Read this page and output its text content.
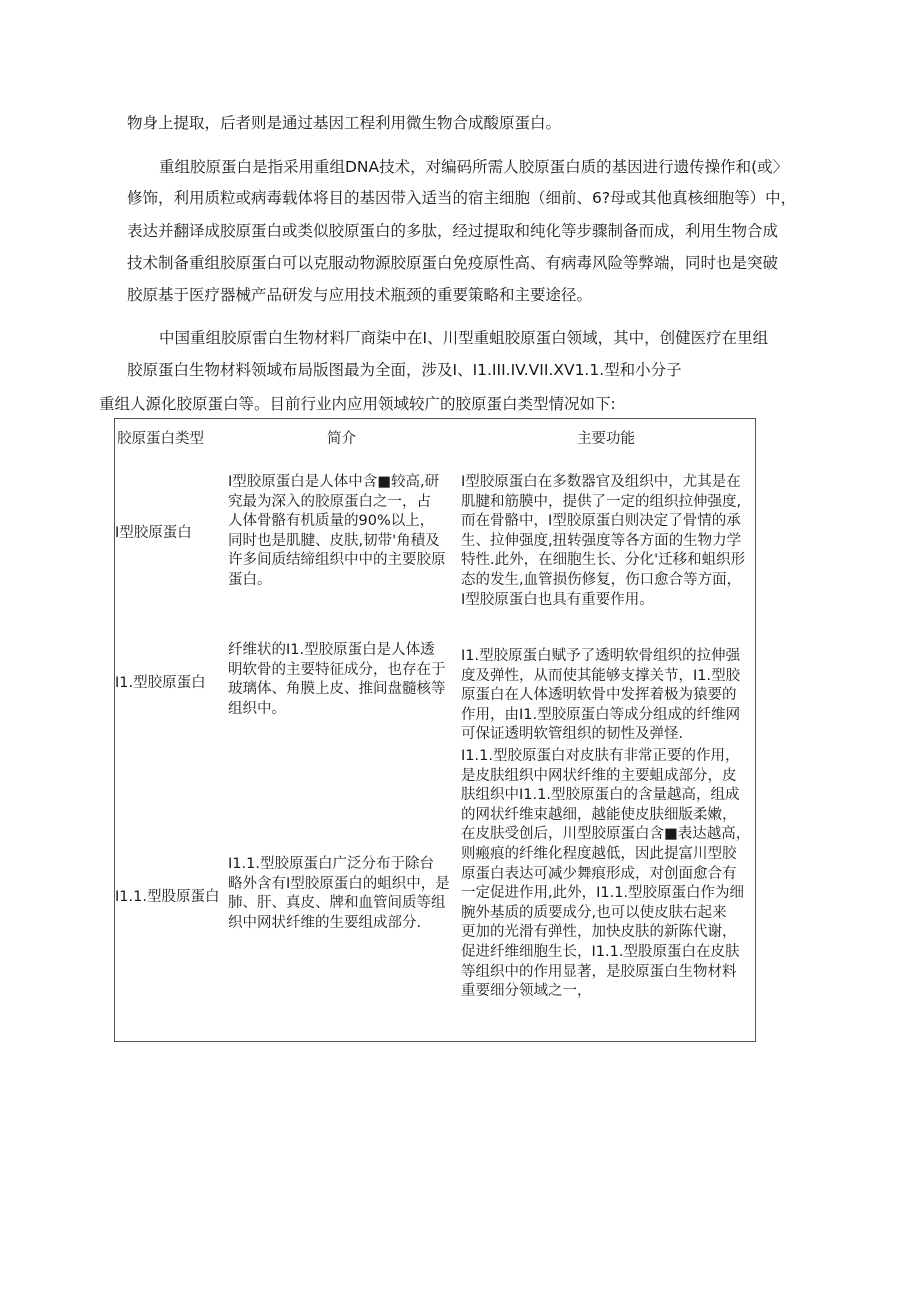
物身上提取，后者则是通过基因工程利用微生物合成酸原蛋白。
重组胶原蛋白是指采用重组DNA技术，对编码所需人胶原蛋白质的基因进行遗传操作和(或〉
修饰，利用质粒或病毒载体将目的基因带入适当的宿主细胞（细前、6?母或其他真核细胞等）中，
表达并翻译成胶原蛋白或类似胶原蛋白的多肽，经过提取和纯化等步骤制备而成，利用生物合成
技术制备重组胶原蛋白可以克服动物源胶原蛋白免疫原性高、有病毒风险等弊端，同时也是突破
胶原基于医疗器械产品研发与应用技术瓶颈的重要策略和主要途径。
中国重组胶原雷白生物材料厂商柒中在I、川型重蛆胶原蛋白领域，其中，创健医疗在里组
胶原蛋白生物材料领域布局版图最为全面，涉及I、I1.III.IV.VII.XV1.1.型和小分子
重组人源化胶原蛋白等。目前行业内应用领域较广的胶原蛋白类型情况如下:
胶原蛋白类型	简介	主要功能
I型胶原蛋白
I型胶原蛋白是人体中含■较高,研
究最为深入的胶原蛋白之一，占
人体骨骼有机质量的90%以上，
同时也是肌腱、皮肤,韧带'角積及
许多间质结缔组织中中的主要胶原
蛋白。
I型胶原蛋白在多数器官及组织中，尤其是在
肌腱和筋膜中，提供了一定的组织拉伸强度,
而在骨骼中，I型胶原蛋白则决定了骨情的承
生、拉伸强度,扭转强度等各方面的生物力学
特性.此外，在细胞生长、分化'迁移和蛆织形
态的发生,血管损伤修复，伤口愈合等方面，
I型胶原蛋白也具有重要作用。
I1.型胶原蛋白
纤维状的I1.型胶原蛋白是人体透
明软骨的主要特征成分，也存在于
玻璃体、角膜上皮、推间盘髓核等
组织中。
I1.型胶原蛋白赋予了透明软骨组织的拉伸强
度及弹性，从而使其能够支撑关节，I1.型胶
原蛋白在人体透明软骨中发挥着极为猿要的
作用，由I1.型胶原蛋白等成分组成的纤维网
可保证透明软管组织的韧性及弹怪.
I1.1.型股原蛋白
I1.1.型胶原蛋白广泛分布于除台
略外含有I型胶原蛋白的蛆织中，是
肺、肝、真皮、牌和血管间质等组
织中网状纤维的生要组成部分.
I1.1.型胶原蛋白对皮肤有非常正要的作用，
是皮肤组织中网状纤维的主要蛆成部分，皮
肤组织中I1.1.型胶原蛋白的含量越高，组成
的网状纤维束越细，越能使皮肤细版柔嫩，
在皮肤受创后，川型胶原蛋白含■表达越高，
则瘢痕的纤维化程度越低，因此提富川型胶
原蛋白表达可减少舞痕形成，对创面愈合有
一定促进作用,此外，I1.1.型胶原蛋白作为细
腕外基质的质要成分,也可以使皮肤右起来
更加的光滑有弹性，加快皮肤的新陈代谢，
促进纤维细胞生长，I1.1.型股原蛋白在皮肤
等组织中的作用显著，是胶原蛋白生物材料
重要细分领域之一，
